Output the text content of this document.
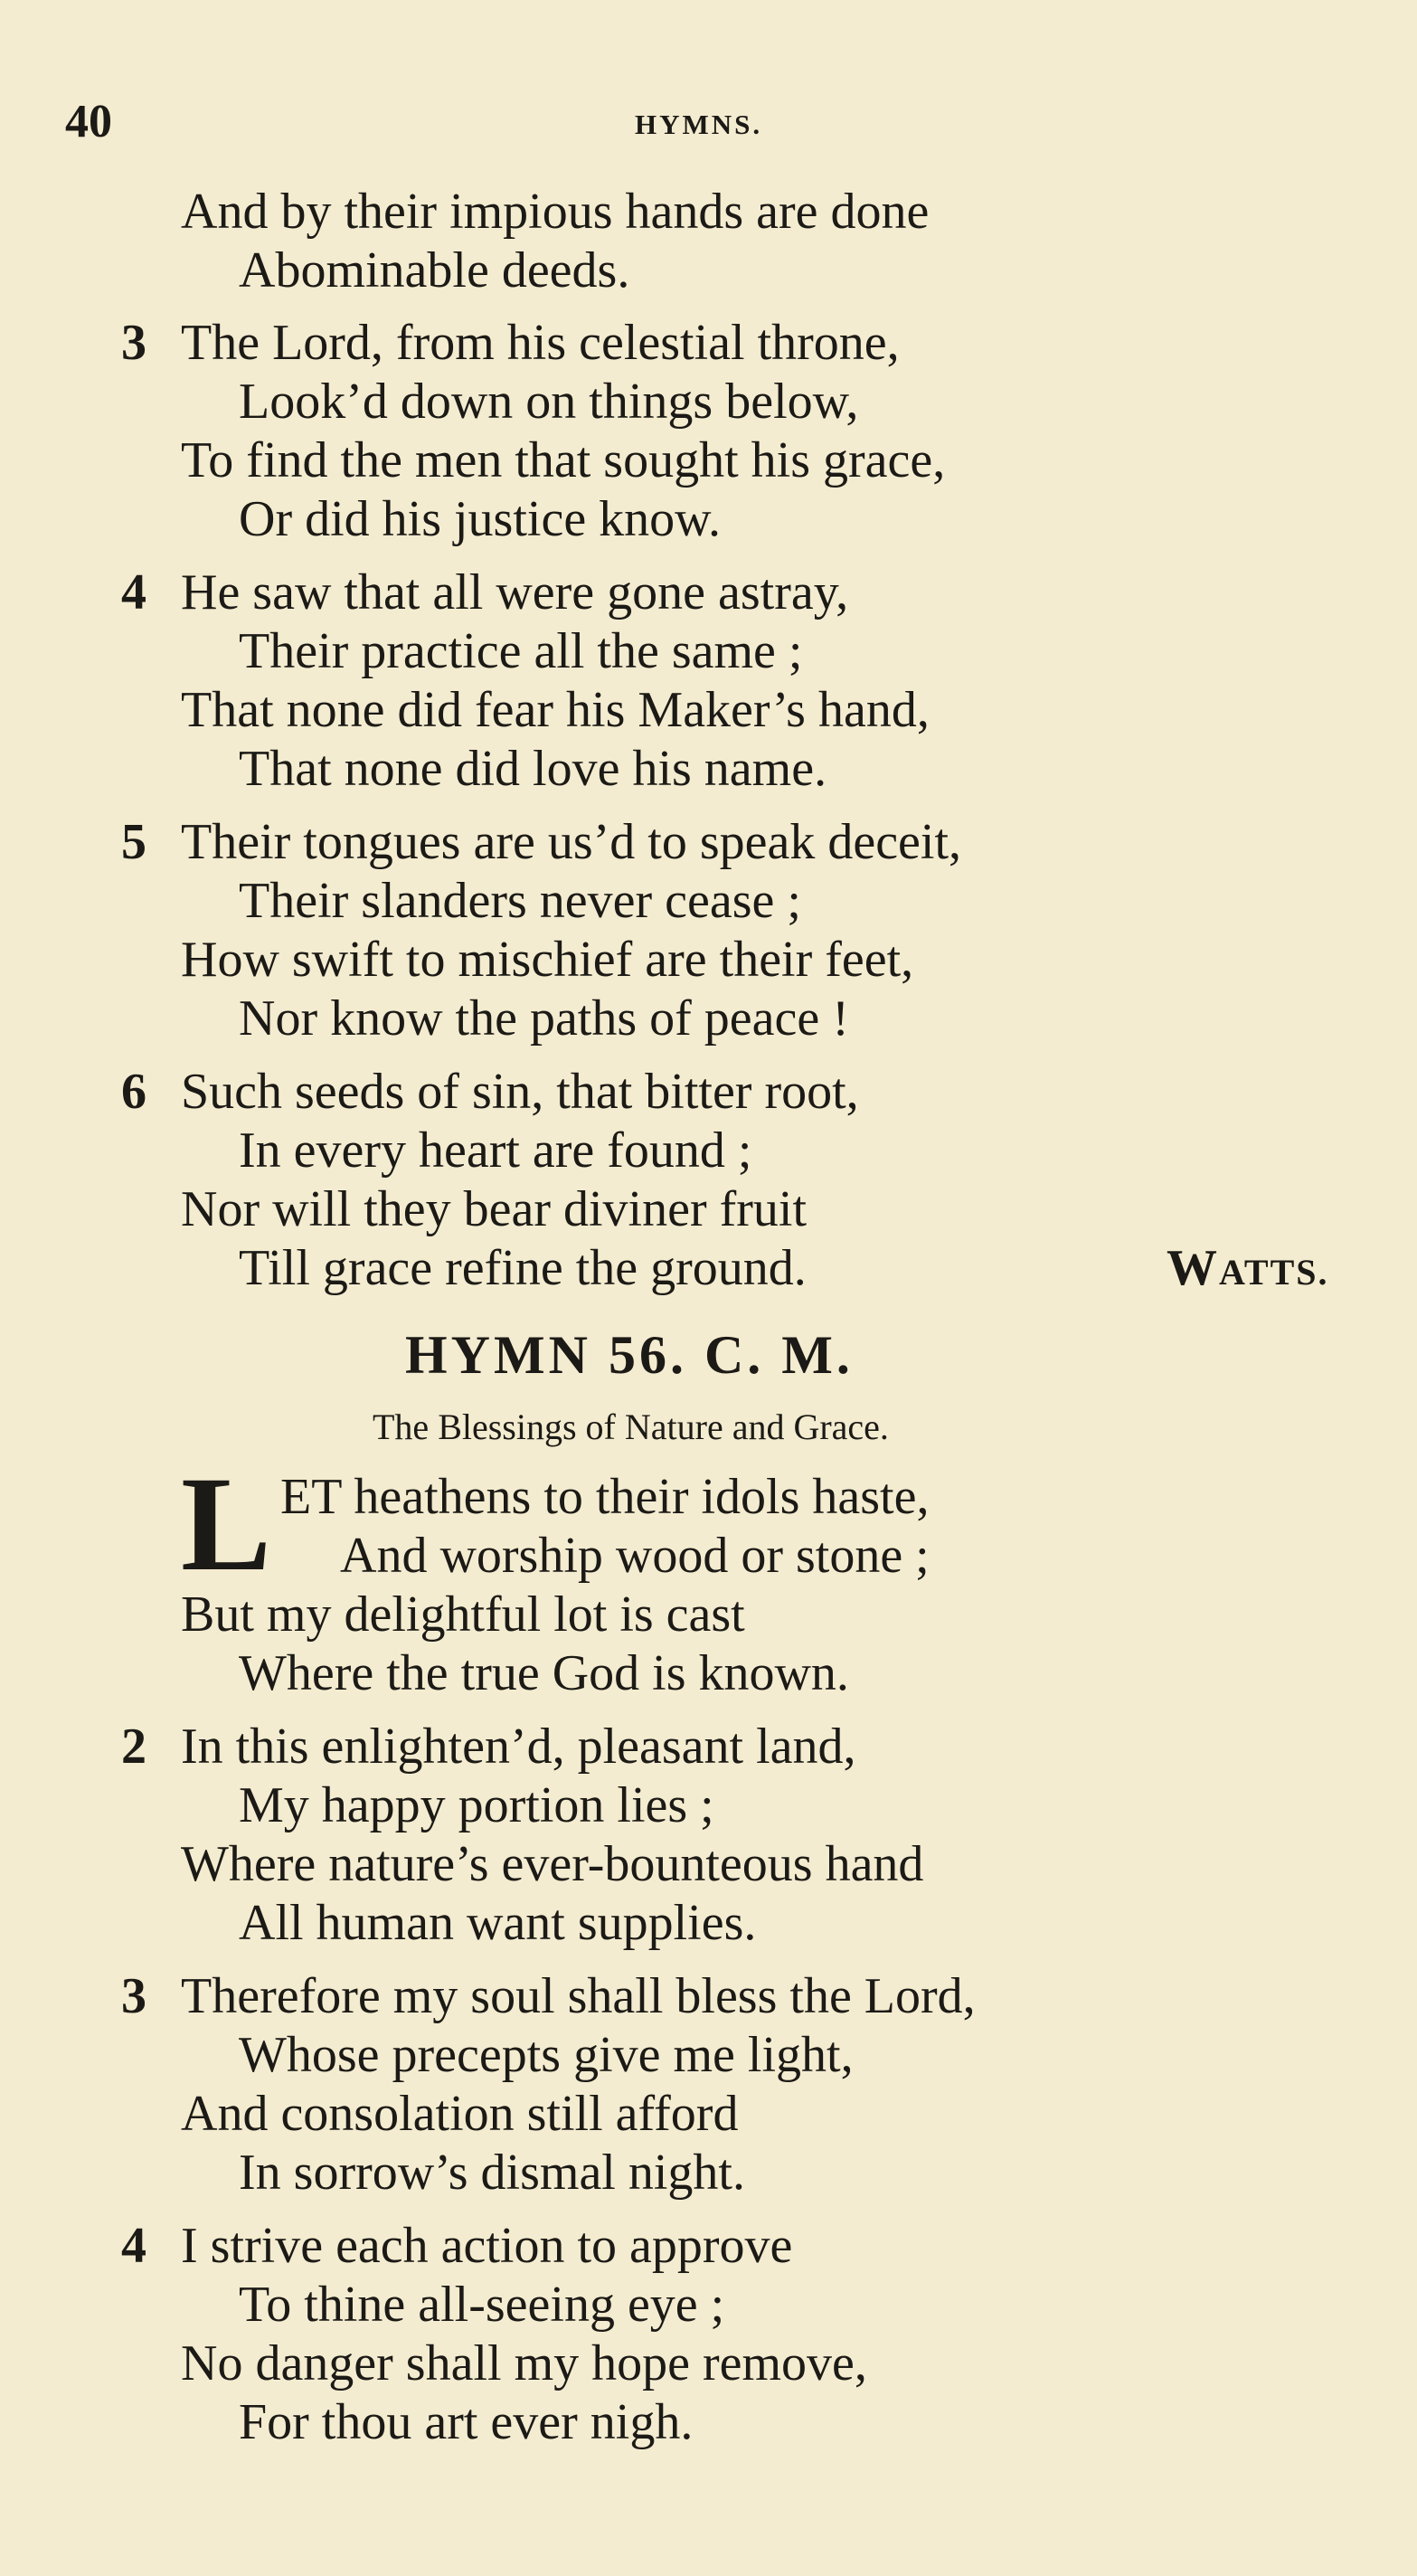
40	HYMNS.
And by their impious hands are done
Abominable deeds.
3 The Lord, from his celestial throne,
Look’d down on things below,
To find the men that sought his grace,
Or did his justice know.
4 He saw that all were gone astray,
Their practice all the same ;
That none did fear his Maker’s hand,
That none did love his name.
5 Their tongues are us’d to speak deceit,
Their slanders never cease ;
How swift to mischief are their feet,
Nor know the paths of peace !
6 Such seeds of sin, that bitter root,
In every heart are found ;
Nor will they bear diviner fruit
Till grace refine the ground.	WATTS.
HYMN 56. C. M.
The Blessings of Nature and Grace.
L ET heathens to their idols haste,
And worship wood or stone ;
But my delightful lot is cast
Where the true God is known.
2 In this enlighten’d, pleasant land,
My happy portion lies ;
Where nature’s ever-bounteous hand
All human want supplies.
3 Therefore my soul shall bless the Lord,
Whose precepts give me light,
And consolation still afford
In sorrow’s dismal night.
4 I strive each action to approve
To thine all-seeing eye ;
No danger shall my hope remove,
For thou art ever nigh.
